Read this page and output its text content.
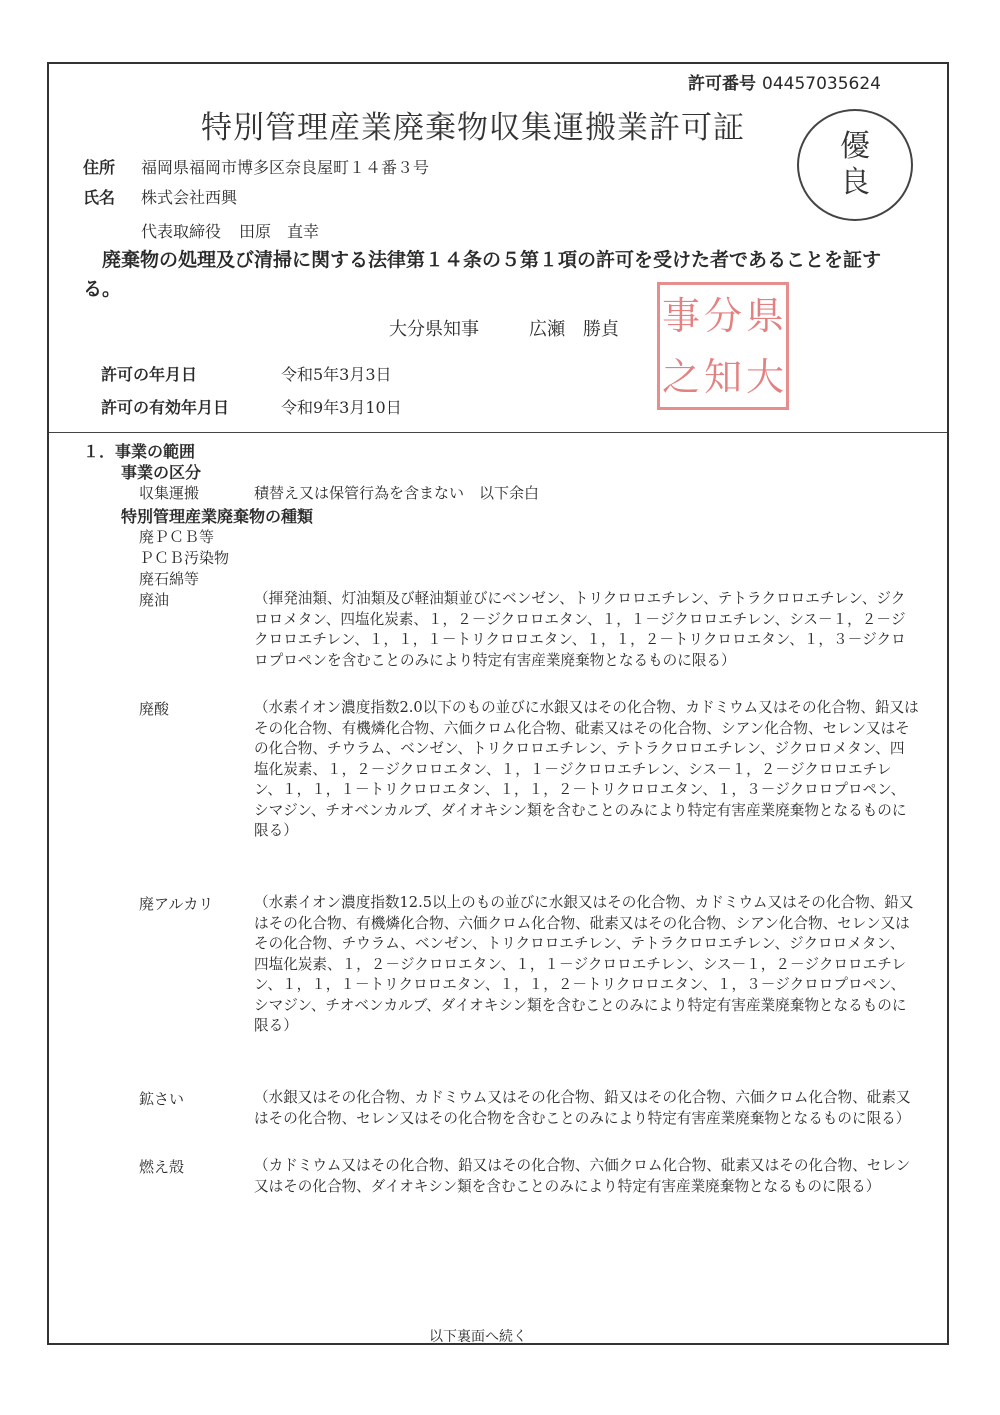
許可番号 04457035624
特別管理産業廃棄物収集運搬業許可証
優
良
住所 福岡県福岡市博多区奈良屋町１４番３号
氏名 株式会社西興
代表取締役 田原　直幸
廃棄物の処理及び清掃に関する法律第１４条の５第１項の許可を受けた者であることを証する。
大分県知事	広瀬　勝貞 事 分 県
之 知 大
許可の年月日	令和5年3月3日
許可の有効年月日	令和9年3月10日
１．事業の範囲
事業の区分
収集運搬	積替え又は保管行為を含まない　以下余白
特別管理産業廃棄物の種類
廃ＰＣＢ等
ＰＣＢ汚染物
廃石綿等
廃油	（揮発油類、灯油類及び軽油類並びにベンゼン、トリクロロエチレン、テトラクロロエチレン、ジクロロメタン、四塩化炭素、１，２－ジクロロエタン、１，１－ジクロロエチレン、シス－１，２－ジクロロエチレン、１，１，１－トリクロロエタン、１，１，２－トリクロロエタン、１，３－ジクロロプロペンを含むことのみにより特定有害産業廃棄物となるものに限る）
廃酸	（水素イオン濃度指数2.0以下のもの並びに水銀又はその化合物、カドミウム又はその化合物、鉛又はその化合物、有機燐化合物、六価クロム化合物、砒素又はその化合物、シアン化合物、セレン又はその化合物、チウラム、ベンゼン、トリクロロエチレン、テトラクロロエチレン、ジクロロメタン、四塩化炭素、１，２－ジクロロエタン、１，１－ジクロロエチレン、シス－１，２－ジクロロエチレン、１，１，１－トリクロロエタン、１，１，２－トリクロロエタン、１，３－ジクロロプロペン、シマジン、チオベンカルブ、ダイオキシン類を含むことのみにより特定有害産業廃棄物となるものに限る）
廃アルカリ	（水素イオン濃度指数12.5以上のもの並びに水銀又はその化合物、カドミウム又はその化合物、鉛又はその化合物、有機燐化合物、六価クロム化合物、砒素又はその化合物、シアン化合物、セレン又はその化合物、チウラム、ベンゼン、トリクロロエチレン、テトラクロロエチレン、ジクロロメタン、四塩化炭素、１，２－ジクロロエタン、１，１－ジクロロエチレン、シス－１，２－ジクロロエチレン、１，１，１－トリクロロエタン、１，１，２－トリクロロエタン、１，３－ジクロロプロペン、シマジン、チオベンカルブ、ダイオキシン類を含むことのみにより特定有害産業廃棄物となるものに限る）
鉱さい	（水銀又はその化合物、カドミウム又はその化合物、鉛又はその化合物、六価クロム化合物、砒素又はその化合物、セレン又はその化合物を含むことのみにより特定有害産業廃棄物となるものに限る）
燃え殻	（カドミウム又はその化合物、鉛又はその化合物、六価クロム化合物、砒素又はその化合物、セレン又はその化合物、ダイオキシン類を含むことのみにより特定有害産業廃棄物となるものに限る）
以下裏面へ続く
